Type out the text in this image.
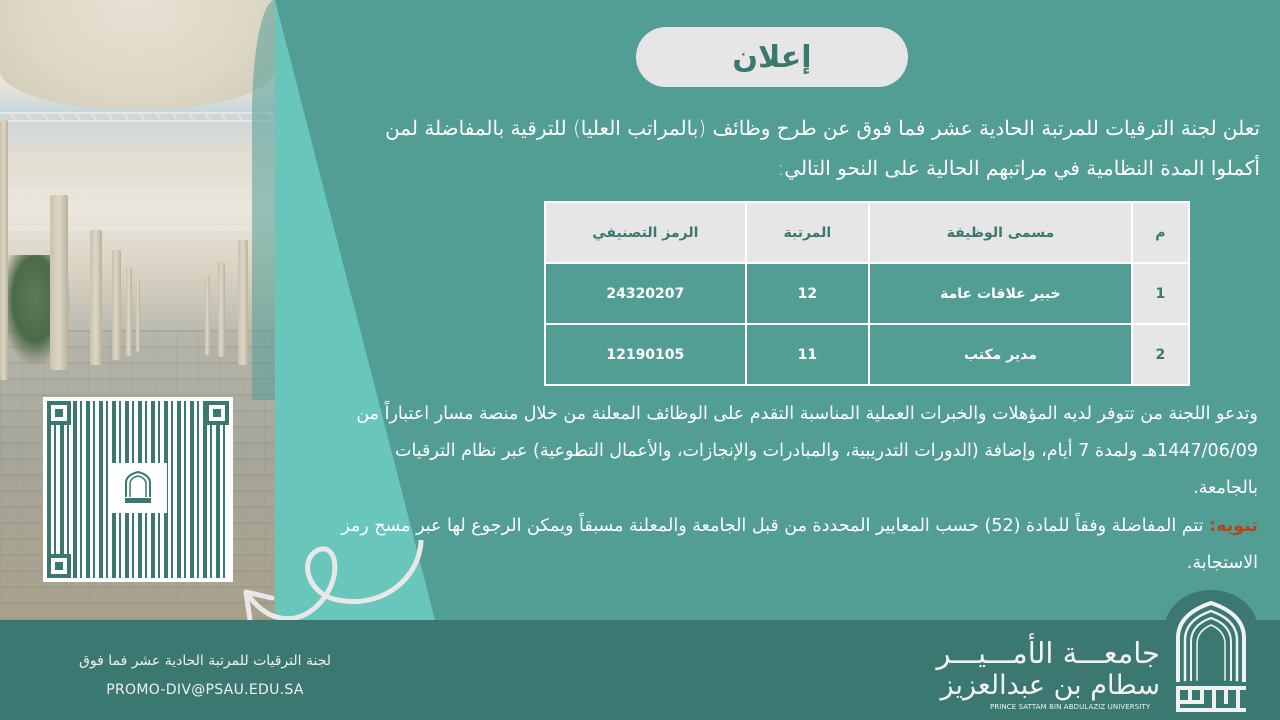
إعلان

تعلن لجنة الترقيات للمرتبة الحادية عشر فما فوق عن طرح وظائف (بالمراتب العليا) للترقية بالمفاضلة لمن أكملوا المدة النظامية في مراتبهم الحالية على النحو التالي:

م	مسمى الوظيفة	المرتبة	الرمز التصنيفي
1	خبير علاقات عامة	12	24320207
2	مدير مكتب	11	12190105

وتدعو اللجنة من تتوفر لديه المؤهلات والخبرات العملية المناسبة التقدم على الوظائف المعلنة من خلال منصة مسار اعتباراً من 1447/06/09هـ ولمدة 7 أيام، وإضافة (الدورات التدريبية، والمبادرات والإنجازات، والأعمال التطوعية) عبر نظام الترقيات بالجامعة.

تنويه: تتم المفاضلة وفقاً للمادة (52) حسب المعايير المحددة من قبل الجامعة والمعلنة مسبقاً ويمكن الرجوع لها عبر مسح رمز الاستجابة.

لجنة الترقيات للمرتبة الحادية عشر فما فوق
PROMO-DIV@PSAU.EDU.SA
جامعـــة الأمـــيـــر
سطام بن عبدالعزيز
PRINCE SATTAM BIN ABDULAZIZ UNIVERSITY
